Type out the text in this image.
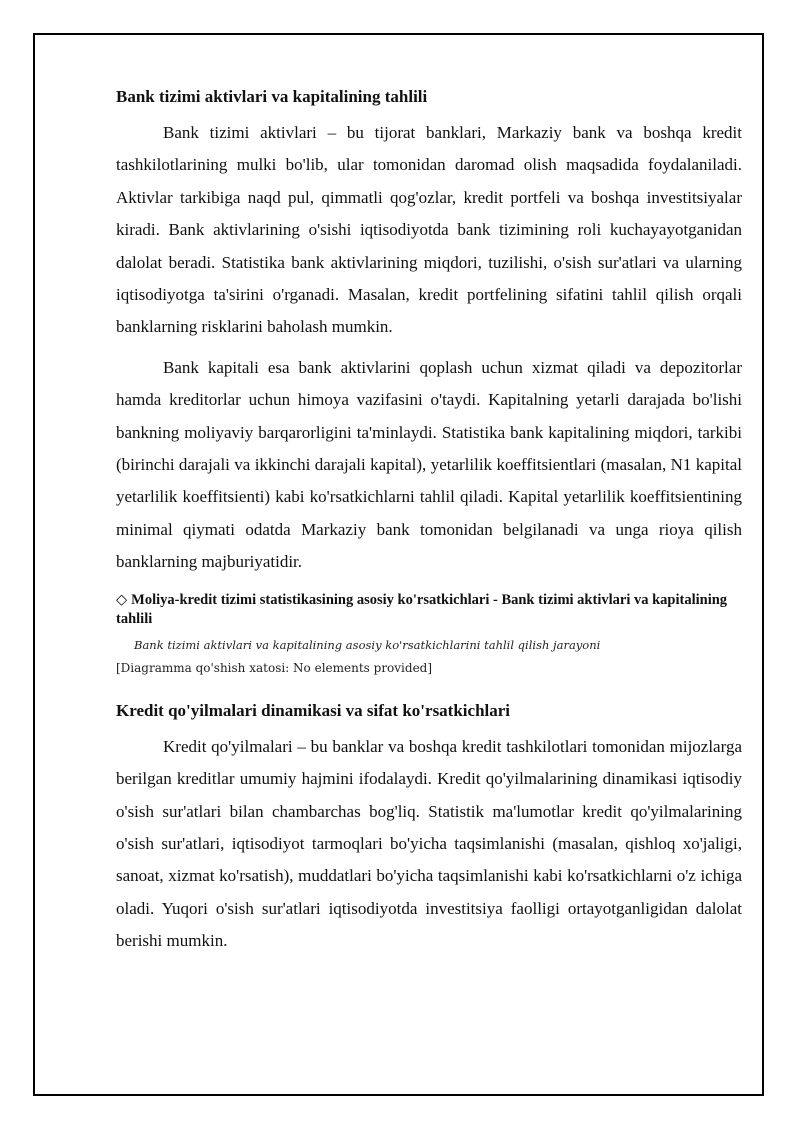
Bank tizimi aktivlari va kapitalining tahlili

Bank tizimi aktivlari – bu tijorat banklari, Markaziy bank va boshqa kredit tashkilotlarining mulki bo'lib, ular tomonidan daromad olish maqsadida foydalaniladi. Aktivlar tarkibiga naqd pul, qimmatli qog'ozlar, kredit portfeli va boshqa investitsiyalar kiradi. Bank aktivlarining o'sishi iqtisodiyotda bank tizimining roli kuchayayotganidan dalolat beradi. Statistika bank aktivlarining miqdori, tuzilishi, o'sish sur'atlari va ularning iqtisodiyotga ta'sirini o'rganadi. Masalan, kredit portfelining sifatini tahlil qilish orqali banklarning risklarini baholash mumkin.

Bank kapitali esa bank aktivlarini qoplash uchun xizmat qiladi va depozitorlar hamda kreditorlar uchun himoya vazifasini o'taydi. Kapitalning yetarli darajada bo'lishi bankning moliyaviy barqarorligini ta'minlaydi. Statistika bank kapitalining miqdori, tarkibi (birinchi darajali va ikkinchi darajali kapital), yetarlilik koeffitsientlari (masalan, N1 kapital yetarlilik koeffitsienti) kabi ko'rsatkichlarni tahlil qiladi. Kapital yetarlilik koeffitsientining minimal qiymati odatda Markaziy bank tomonidan belgilanadi va unga rioya qilish banklarning majburiyatidir.

◇ Moliya-kredit tizimi statistikasining asosiy ko'rsatkichlari - Bank tizimi aktivlari va kapitalining tahlili
Bank tizimi aktivlari va kapitalining asosiy ko'rsatkichlarini tahlil qilish jarayoni
[Diagramma qo'shish xatosi: No elements provided]
Kredit qo'yilmalari dinamikasi va sifat ko'rsatkichlari

Kredit qo'yilmalari – bu banklar va boshqa kredit tashkilotlari tomonidan mijozlarga berilgan kreditlar umumiy hajmini ifodalaydi. Kredit qo'yilmalarining dinamikasi iqtisodiy o'sish sur'atlari bilan chambarchas bog'liq. Statistik ma'lumotlar kredit qo'yilmalarining o'sish sur'atlari, iqtisodiyot tarmoqlari bo'yicha taqsimlanishi (masalan, qishloq xo'jaligi, sanoat, xizmat ko'rsatish), muddatlari bo'yicha taqsimlanishi kabi ko'rsatkichlarni o'z ichiga oladi. Yuqori o'sish sur'atlari iqtisodiyotda investitsiya faolligi ortayotganligidan dalolat berishi mumkin.
